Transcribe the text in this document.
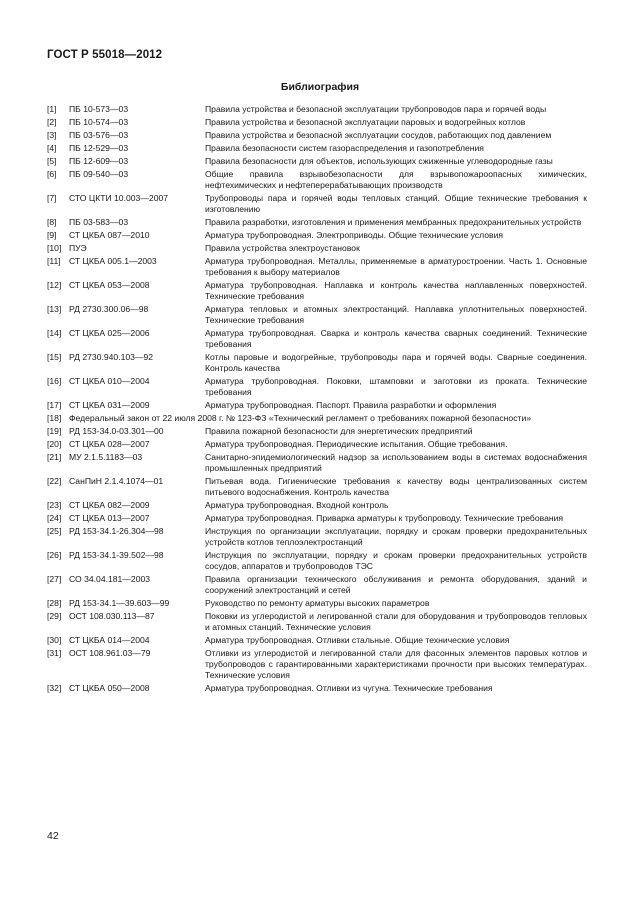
ГОСТ Р 55018—2012
Библиография
[1]	ПБ 10-573—03	Правила устройства и безопасной эксплуатации трубопроводов пара и горячей воды
[2]	ПБ 10-574—03	Правила устройства и безопасной эксплуатации паровых и водогрейных котлов
[3]	ПБ 03-576—03	Правила устройства и безопасной эксплуатации сосудов, работающих под давлением
[4]	ПБ 12-529—03	Правила безопасности систем газораспределения и газопотребления
[5]	ПБ 12-609—03	Правила безопасности для объектов, использующих сжиженные углеводородные газы
[6]	ПБ 09-540—03	Общие правила взрывобезопасности для взрывопожароопасных химических, нефтехимических и нефтеперерабатывающих производств
[7]	СТО ЦКТИ 10.003—2007	Трубопроводы пара и горячей воды тепловых станций. Общие технические требования к изготовлению
[8]	ПБ 03-583—03	Правила разработки, изготовления и применения мембранных предохранительных устройств
[9]	СТ ЦКБА 087—2010	Арматура трубопроводная. Электроприводы. Общие технические условия
[10] ПУЭ	Правила устройства электроустановок
[11] СТ ЦКБА 005.1—2003	Арматура трубопроводная. Металлы, применяемые в арматуростроении. Часть 1. Основные требования к выбору материалов
[12] СТ ЦКБА 053—2008	Арматура трубопроводная. Наплавка и контроль качества наплавленных поверхностей. Технические требования
[13] РД 2730.300.06—98	Арматура тепловых и атомных электростанций. Наплавка уплотнительных поверхностей. Технические требования
[14] СТ ЦКБА 025—2006	Арматура трубопроводная. Сварка и контроль качества сварных соединений. Технические требования
[15] РД 2730.940.103—92	Котлы паровые и водогрейные, трубопроводы пара и горячей воды. Сварные соединения. Контроль качества
[16] СТ ЦКБА 010—2004	Арматура трубопроводная. Поковки, штамповки и заготовки из проката. Технические требования
[17] СТ ЦКБА 031—2009	Арматура трубопроводная. Паспорт. Правила разработки и оформления
[18] Федеральный закон от 22 июля 2008 г. № 123-ФЗ «Технический регламент о требованиях пожарной безопасности»
[19] РД 153-34.0-03.301—00	Правила пожарной безопасности для энергетических предприятий
[20] СТ ЦКБА 028—2007	Арматура трубопроводная. Периодические испытания. Общие требования.
[21] МУ 2.1.5.1183—03	Санитарно-эпидемиологический надзор за использованием воды в системах водоснабжения промышленных предприятий
[22] СанПиН 2.1.4.1074—01	Питьевая вода. Гигиенические требования к качеству воды централизованных систем питьевого водоснабжения. Контроль качества
[23] СТ ЦКБА 082—2009	Арматура трубопроводная. Входной контроль
[24] СТ ЦКБА 013—2007	Арматура трубопроводная. Приварка арматуры к трубопроводу. Технические требования
[25] РД 153-34.1-26.304—98	Инструкция по организации эксплуатации, порядку и срокам проверки предохранительных устройств котлов теплоэлектростанций
[26] РД 153-34.1-39.502—98	Инструкция по эксплуатации, порядку и срокам проверки предохранительных устройств сосудов, аппаратов и трубопроводов ТЭС
[27] СО 34.04.181—2003	Правила организации технического обслуживания и ремонта оборудования, зданий и сооружений электростанций и сетей
[28] РД 153-34.1—39.603—99	Руководство по ремонту арматуры высоких параметров
[29] ОСТ 108.030.113—87	Поковки из углеродистой и легированной стали для оборудования и трубопроводов тепловых и атомных станций. Технические условия
[30] СТ ЦКБА 014—2004	Арматура трубопроводная. Отливки стальные. Общие технические условия
[31] ОСТ 108.961.03—79	Отливки из углеродистой и легированной стали для фасонных элементов паровых котлов и трубопроводов с гарантированными характеристиками прочности при высоких температурах. Технические условия
[32] СТ ЦКБА 050—2008	Арматура трубопроводная. Отливки из чугуна. Технические требования
42
